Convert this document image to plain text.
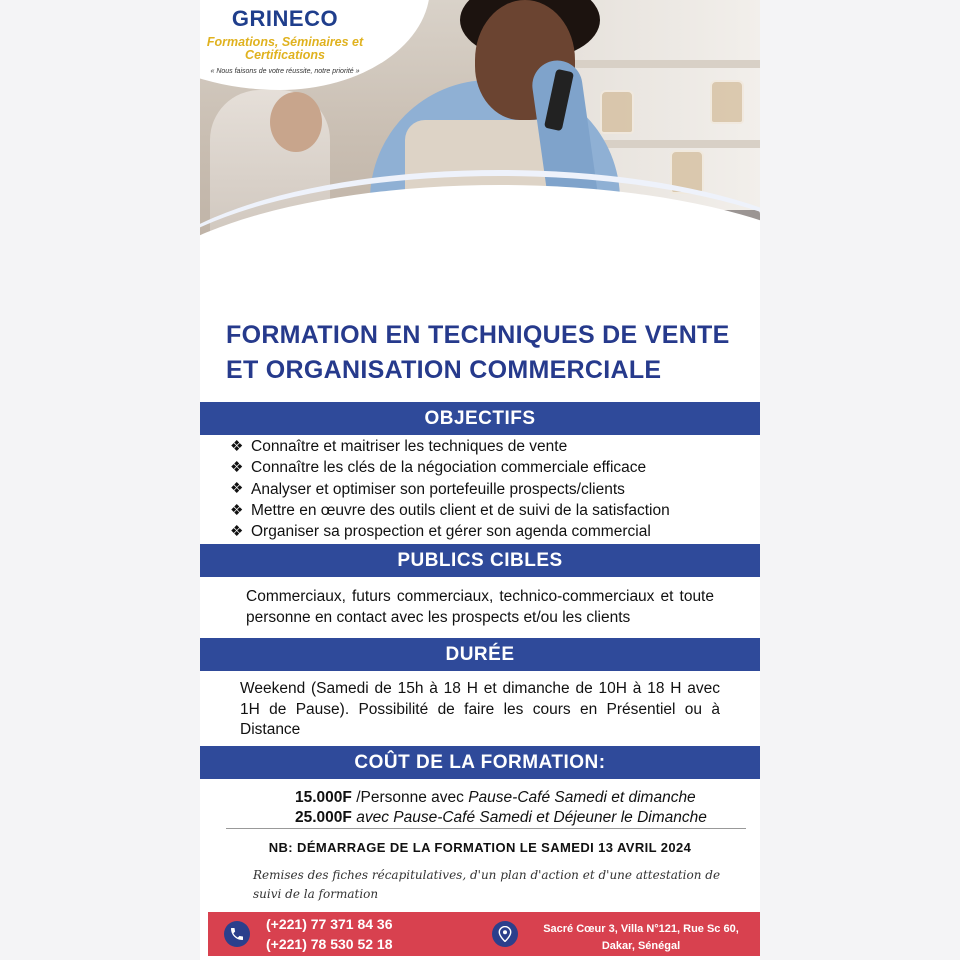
GRINECO
Formations, Séminaires et
Certifications
« Nous faisons de votre réussite, notre priorité »
FORMATION EN TECHNIQUES DE VENTE
ET ORGANISATION COMMERCIALE
OBJECTIFS
❖
Connaître et maitriser les techniques de vente
❖
Connaître les clés de la négociation commerciale efficace
❖
Analyser et optimiser son portefeuille prospects/clients
❖
Mettre en œuvre des outils client et de suivi de la satisfaction
❖
Organiser sa prospection et gérer son agenda commercial
PUBLICS CIBLES
Commerciaux, futurs commerciaux, technico-commerciaux et toute personne en contact avec les prospects et/ou les clients
DURÉE
Weekend (Samedi de 15h à 18 H et dimanche de 10H à 18 H avec 1H de Pause). Possibilité de faire les cours en Présentiel ou à Distance
COÛT DE LA FORMATION:
15.000F /Personne avec Pause-Café Samedi et dimanche
25.000F avec Pause-Café Samedi et Déjeuner le Dimanche
NB: DÉMARRAGE DE LA FORMATION LE SAMEDI 13 AVRIL 2024
Remises des fiches récapitulatives, d'un plan d'action et d'une attestation de suivi de la formation
(+221) 77 371 84 36
(+221) 78 530 52 18
Sacré Cœur 3, Villa N°121, Rue Sc 60,
Dakar, Sénégal
